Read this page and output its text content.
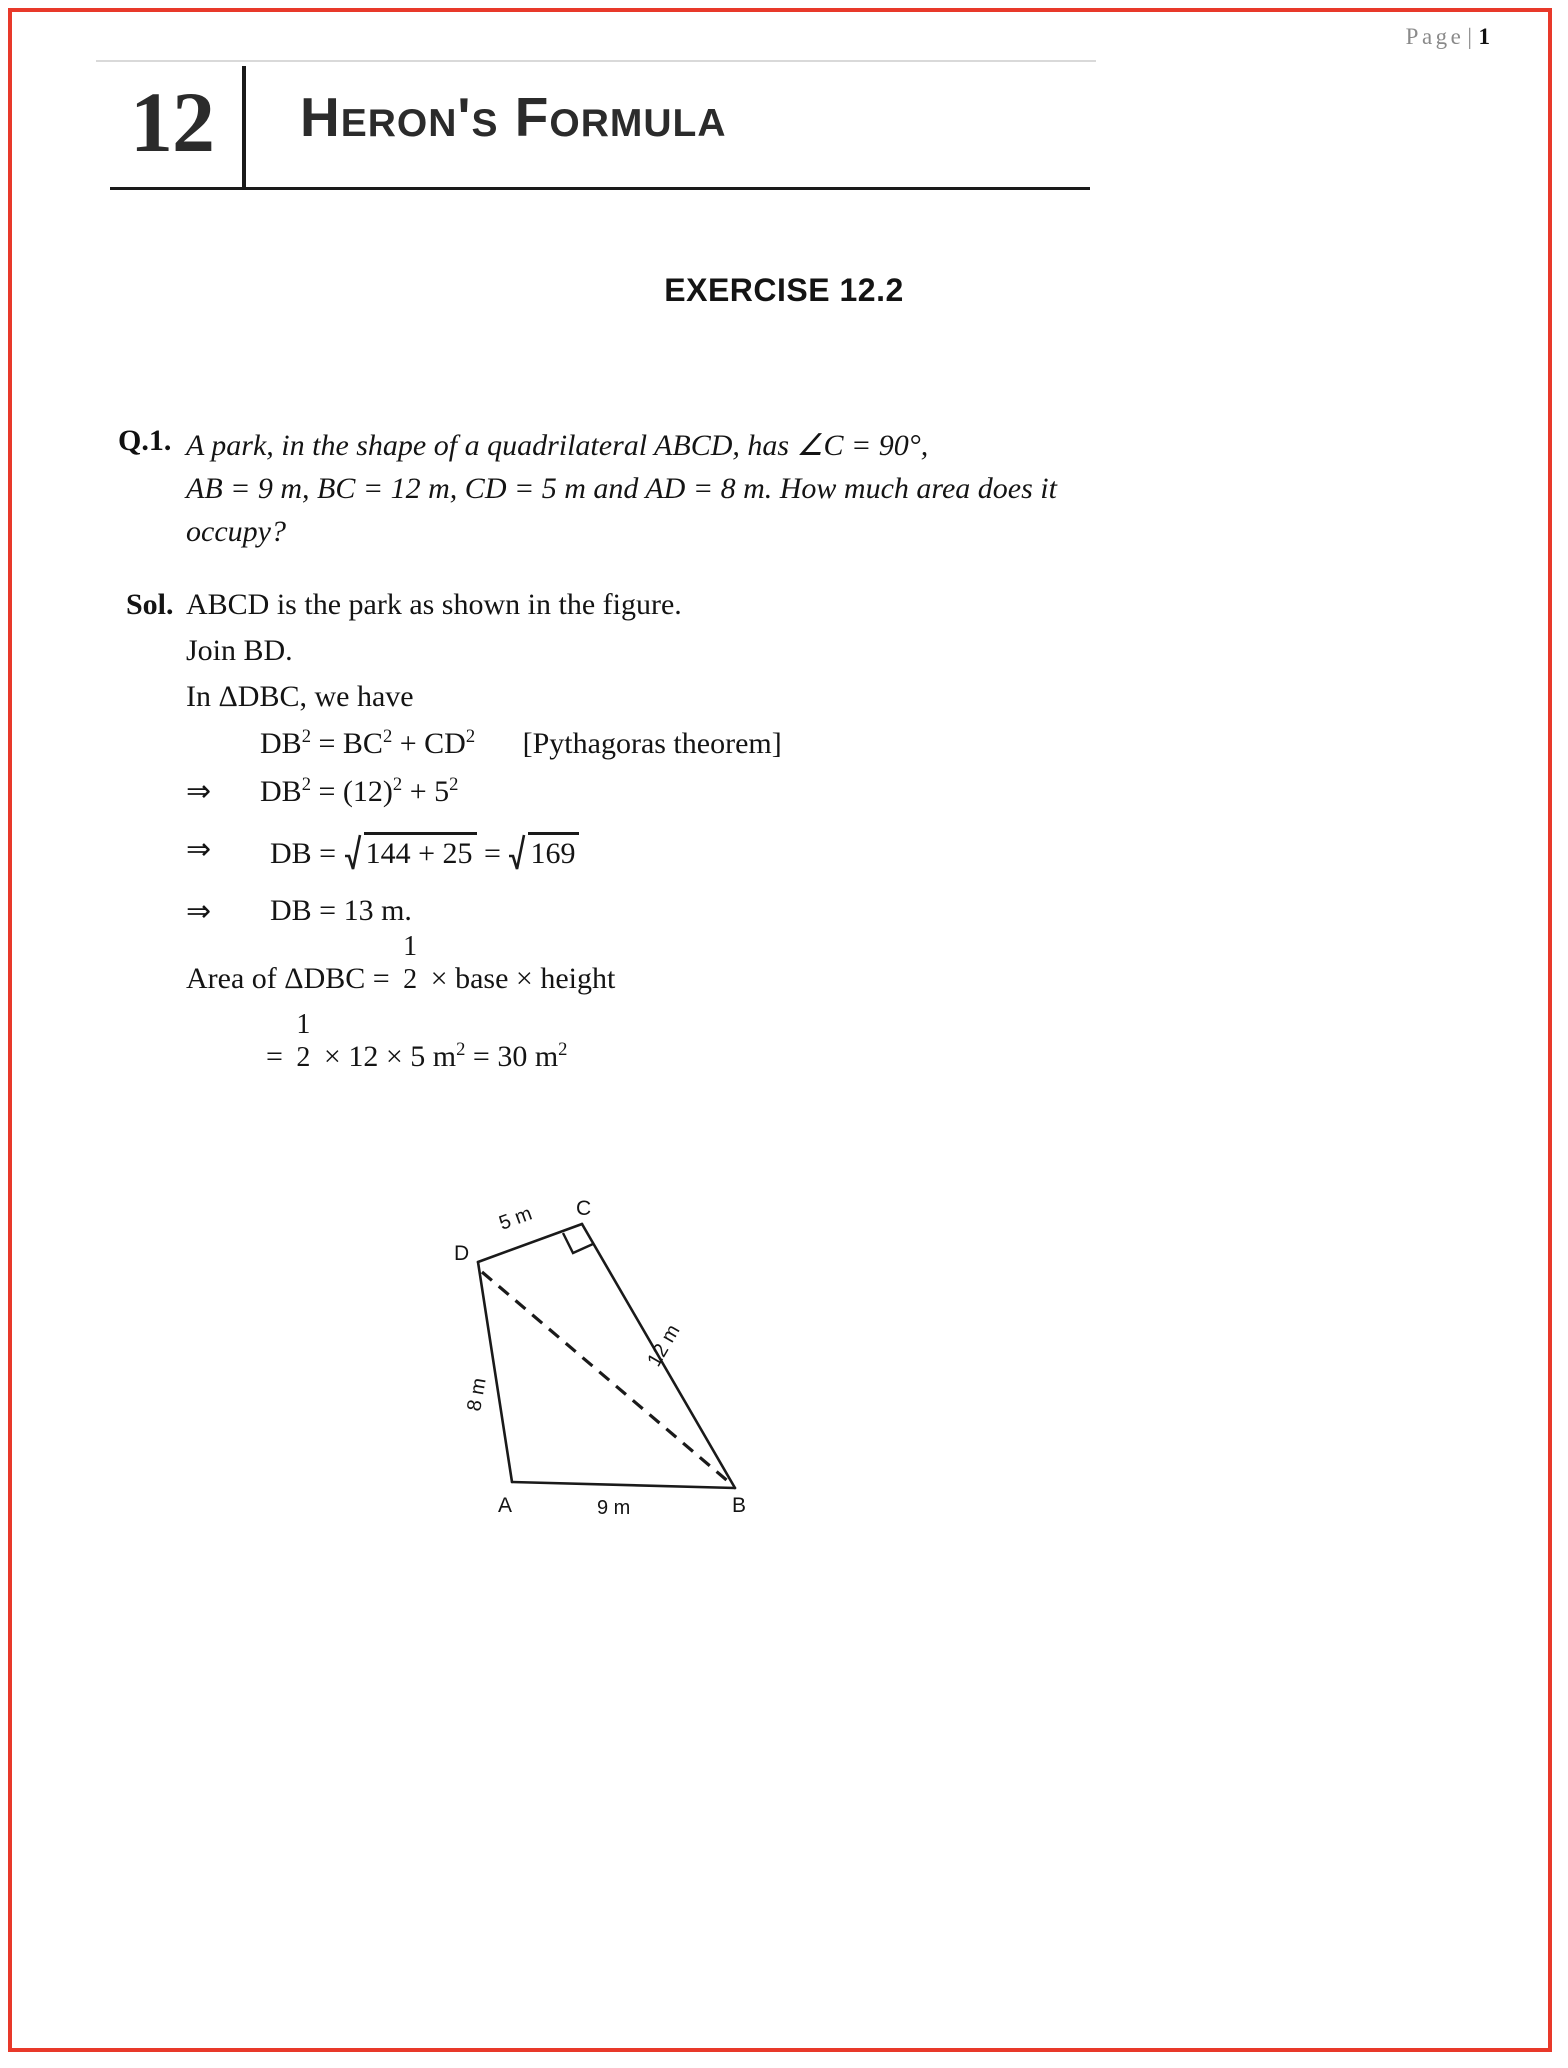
Page | 1
12	Heron's Formula
EXERCISE 12.2
Q.1. A park, in the shape of a quadrilateral ABCD, has ∠C = 90°,
AB = 9 m, BC = 12 m, CD = 5 m and AD = 8 m. How much area does it
occupy?
Sol. ABCD is the park as shown in the figure.
Join BD.
In ΔDBC, we have
$DB^2 = BC^2 + CD^2$ [Pythagoras theorem]
⇒ $DB^2 = (12)^2 + 5^2$
⇒ DB =
144 + 25 = 169
⇒ DB = 13 m.
Area of ΔDBC =
1
2 × base × height
=
1
2 × 12 × 5 $m^2 = 30$ $m^2$
D
C
A	B
5 m
12 m
8 m
9 m
